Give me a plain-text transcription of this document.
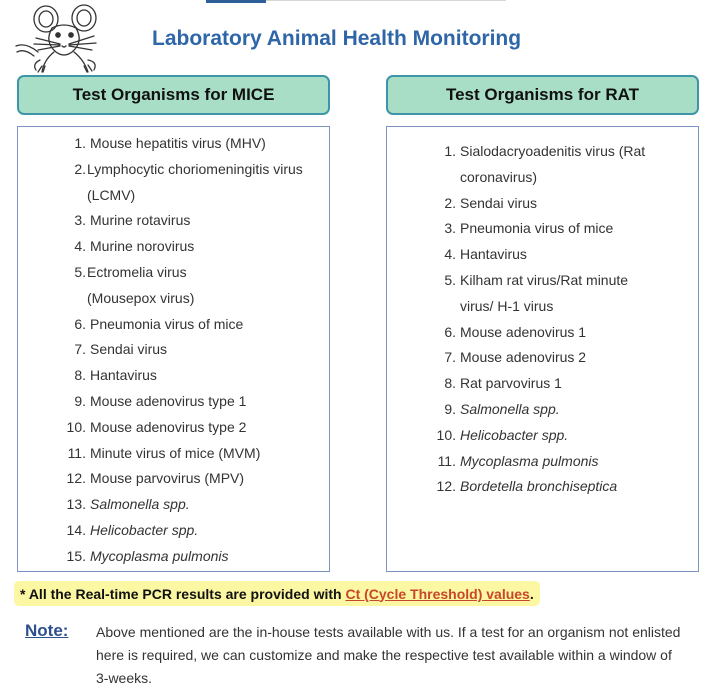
Laboratory Animal Health Monitoring
Test Organisms for MICE	Test Organisms for RAT
1. Mouse hepatitis virus (MHV)
2. Lymphocytic choriomeningitis virus (LCMV)
3. Murine rotavirus
4. Murine norovirus
5. Ectromelia virus (Mousepox virus)
6. Pneumonia virus of mice
7. Sendai virus
8. Hantavirus
9. Mouse adenovirus type 1
10. Mouse adenovirus type 2
11. Minute virus of mice (MVM)
12. Mouse parvovirus (MPV)
13. Salmonella spp.
14. Helicobacter spp.
15. Mycoplasma pulmonis
1. Sialodacryoadenitis virus (Rat coronavirus)
2. Sendai virus
3. Pneumonia virus of mice
4. Hantavirus
5. Kilham rat virus/Rat minute virus/ H-1 virus
6. Mouse adenovirus 1
7. Mouse adenovirus 2
8. Rat parvovirus 1
9. Salmonella spp.
10. Helicobacter spp.
11. Mycoplasma pulmonis
12. Bordetella bronchiseptica
* All the Real-time PCR results are provided with
Ct (Cycle Threshold) values .
Note: Above mentioned are the in-house tests available with us. If a test for an organism not enlisted here is required, we can customize and make the respective test available within a window of 3-weeks.
